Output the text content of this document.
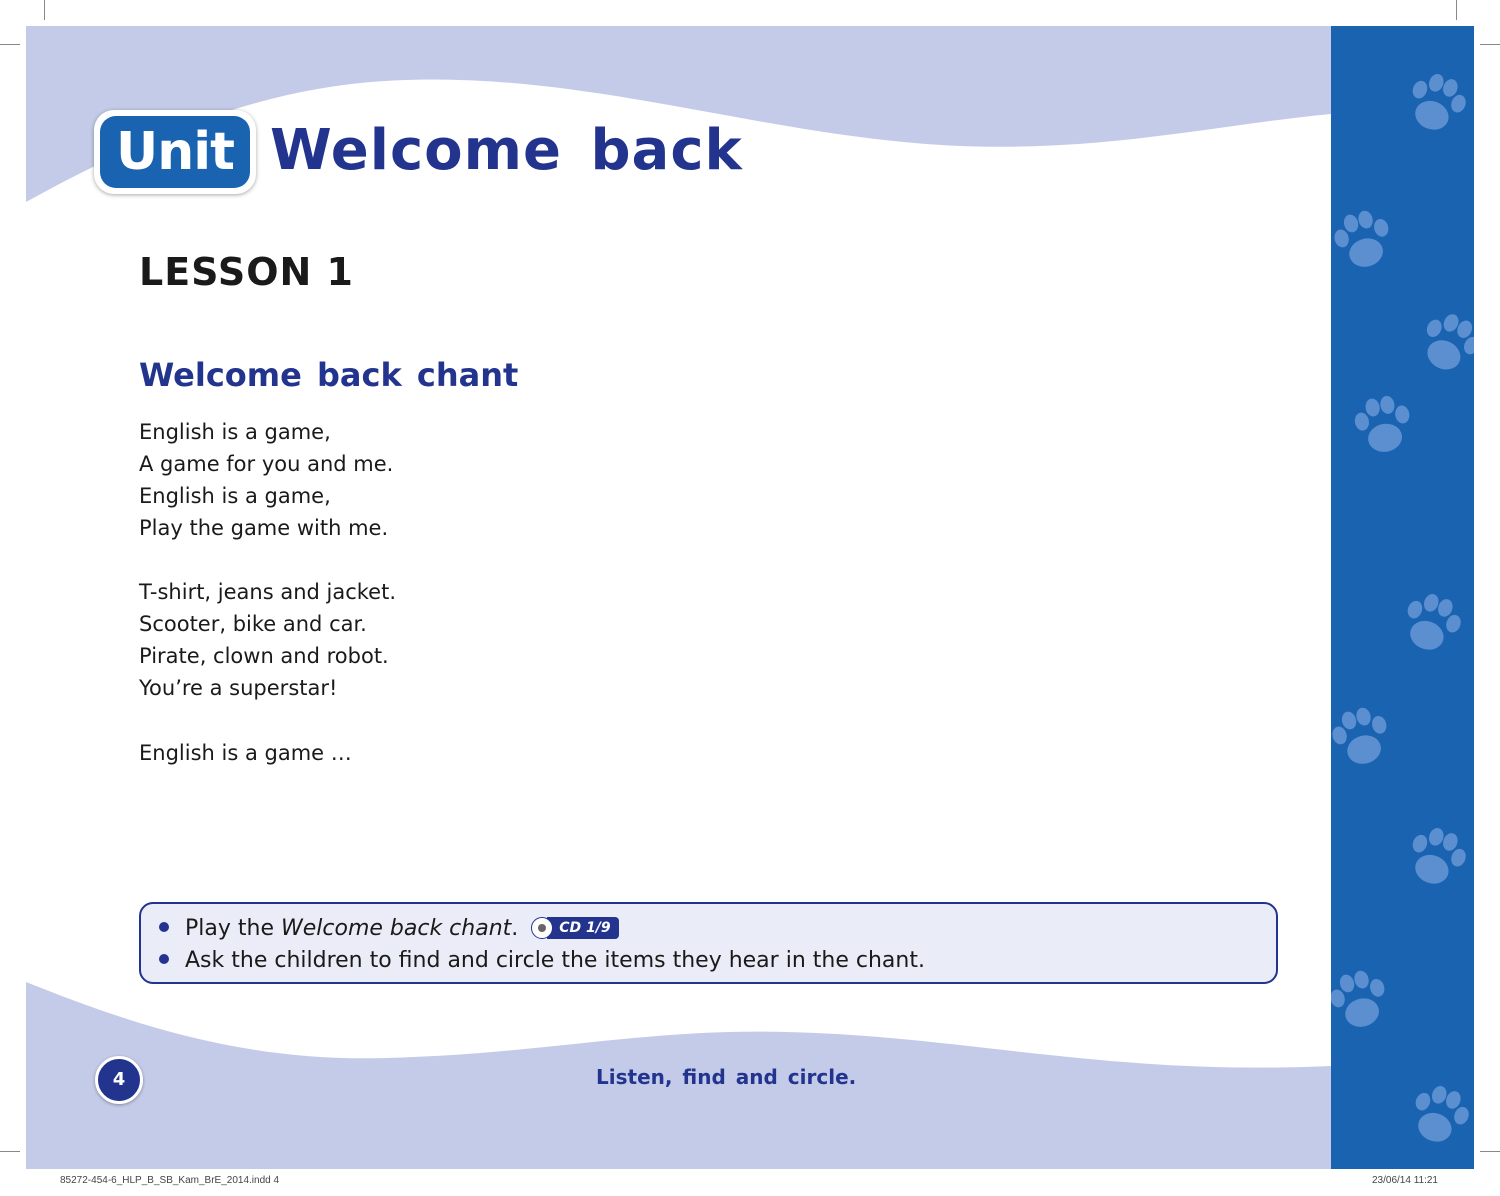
Unit Welcome back
LESSON 1
Welcome back chant
English is a game,
A game for you and me.
English is a game,
Play the game with me.
T-shirt, jeans and jacket.
Scooter, bike and car.
Pirate, clown and robot.
You’re a superstar!
English is a game …
Play the Welcome back chant.	CD 1/9
Ask the children to find and circle the items they hear in the chant.
4	Listen, find and circle.
85272-454-6_HLP_B_SB_Kam_BrE_2014.indd 4	23/06/14 11:21
